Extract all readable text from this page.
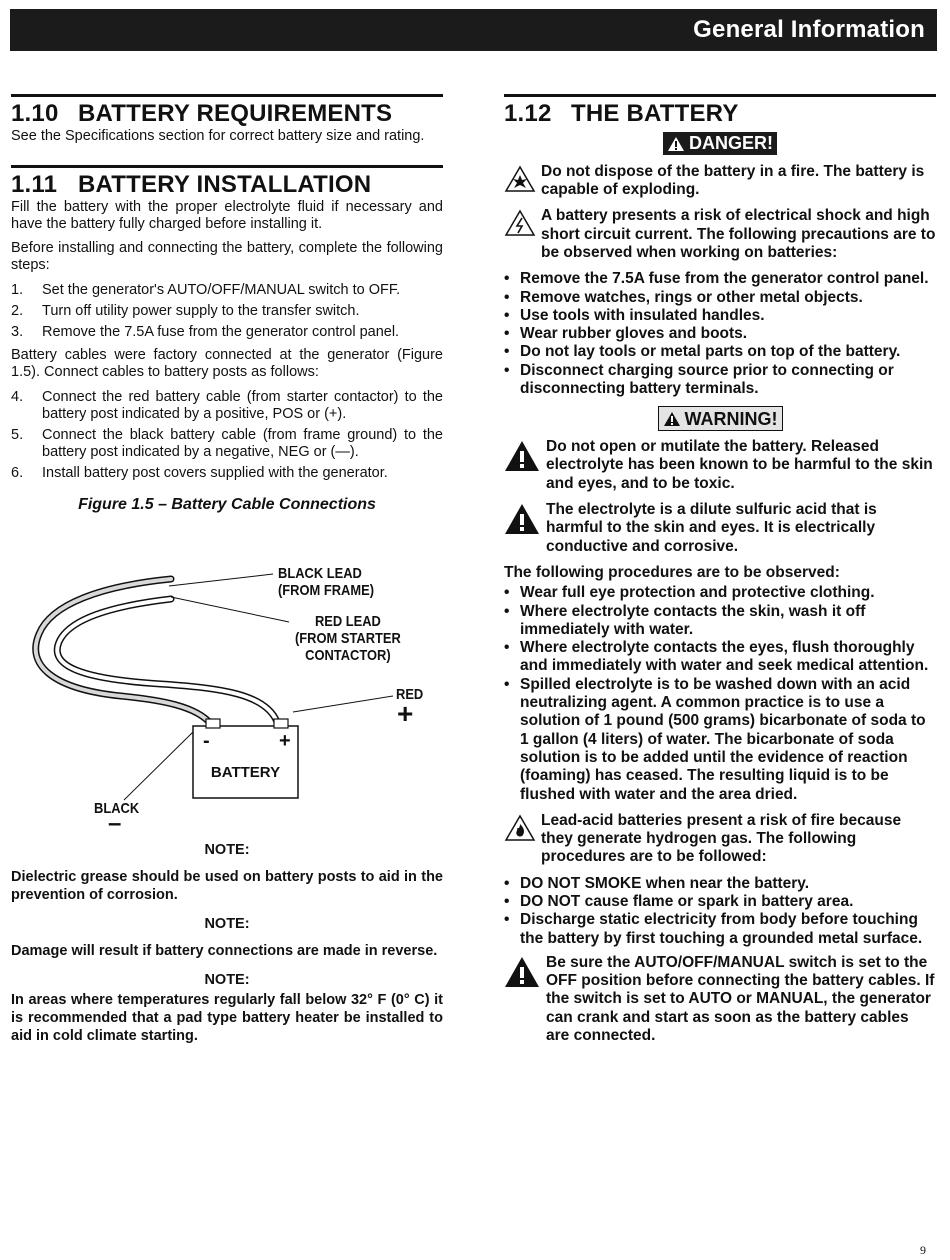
General Information
1.10 BATTERY REQUIREMENTS

See the Specifications section for correct battery size and rating.

1.11 BATTERY INSTALLATION

Fill the battery with the proper electrolyte fluid if necessary and have the battery fully charged before installing it.

Before installing and connecting the battery, complete the following steps:

1.	Set the generator's AUTO/OFF/MANUAL switch to OFF.
2.	Turn off utility power supply to the transfer switch.
3.	Remove the 7.5A fuse from the generator control panel.

Battery cables were factory connected at the generator (Figure 1.5). Connect cables to battery posts as follows:

4.	Connect the red battery cable (from starter contactor) to the battery post indicated by a positive, POS or (+).
5.	Connect the black battery cable (from frame ground) to the battery post indicated by a negative, NEG or (—).
6.	Install battery post covers supplied with the generator.
Figure 1.5 – Battery Cable Connections
BLACK LEAD
(FROM FRAME)
RED LEAD
(FROM STARTER
CONTACTOR)
RED
+
BLACK
–
BATTERY
-	+
NOTE:
Dielectric grease should be used on battery posts to aid in the prevention of corrosion.
NOTE:
Damage will result if battery connections are made in reverse.
NOTE:
In areas where temperatures regularly fall below 32° F (0° C) it is recommended that a pad type battery heater be installed to aid in cold climate starting.
1.12 THE BATTERY
DANGER!
Do not dispose of the battery in a fire. The battery is capable of exploding.
A battery presents a risk of electrical shock and high short circuit current. The following precautions are to be observed when working on batteries:
• Remove the 7.5A fuse from the generator control panel.
• Remove watches, rings or other metal objects.
• Use tools with insulated handles.
• Wear rubber gloves and boots.
• Do not lay tools or metal parts on top of the battery.
• Disconnect charging source prior to connecting or disconnecting battery terminals.
WARNING!
Do not open or mutilate the battery. Released electrolyte has been known to be harmful to the skin and eyes, and to be toxic.
The electrolyte is a dilute sulfuric acid that is harmful to the skin and eyes. It is electrically conductive and corrosive.
The following procedures are to be observed:
• Wear full eye protection and protective clothing.
• Where electrolyte contacts the skin, wash it off immediately with water.
• Where electrolyte contacts the eyes, flush thoroughly and immediately with water and seek medical attention.
• Spilled electrolyte is to be washed down with an acid neutralizing agent. A common practice is to use a solution of 1 pound (500 grams) bicarbonate of soda to 1 gallon (4 liters) of water. The bicarbonate of soda solution is to be added until the evidence of reaction (foaming) has ceased. The resulting liquid is to be flushed with water and the area dried.
Lead-acid batteries present a risk of fire because they generate hydrogen gas. The following procedures are to be followed:
• DO NOT SMOKE when near the battery.
• DO NOT cause flame or spark in battery area.
• Discharge static electricity from body before touching the battery by first touching a grounded metal surface.
Be sure the AUTO/OFF/MANUAL switch is set to the OFF position before connecting the battery cables. If the switch is set to AUTO or MANUAL, the generator can crank and start as soon as the battery cables are connected.
9
